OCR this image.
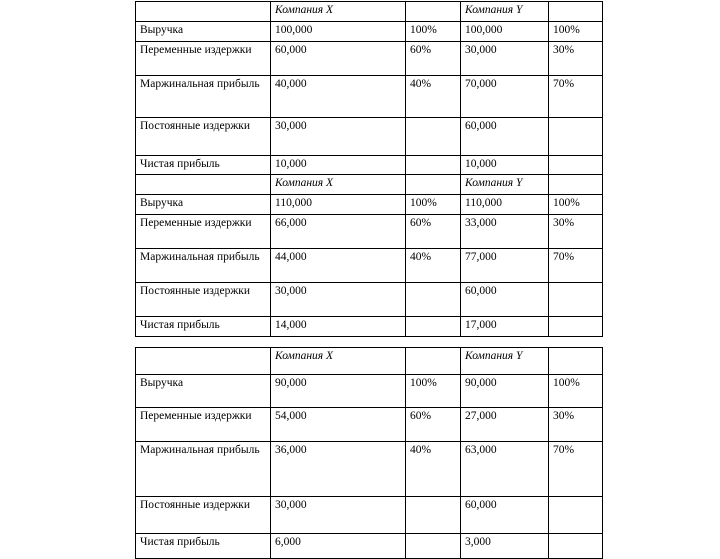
	Компания X		Компания Y	
Выручка	100,000	100%	100,000	100%
Переменные издержки	60,000	60%	30,000	30%
Маржинальная прибыль	40,000	40%	70,000	70%
Постоянные издержки	30,000		60,000	
Чистая прибыль	10,000		10,000	
	Компания X		Компания Y	
Выручка	110,000	100%	110,000	100%
Переменные издержки	66,000	60%	33,000	30%
Маржинальная прибыль	44,000	40%	77,000	70%
Постоянные издержки	30,000		60,000	
Чистая прибыль	14,000		17,000	
	Компания X		Компания Y	
Выручка	90,000	100%	90,000	100%
Переменные издержки	54,000	60%	27,000	30%
Маржинальная прибыль	36,000	40%	63,000	70%
Постоянные издержки	30,000		60,000	
Чистая прибыль	6,000		3,000	
